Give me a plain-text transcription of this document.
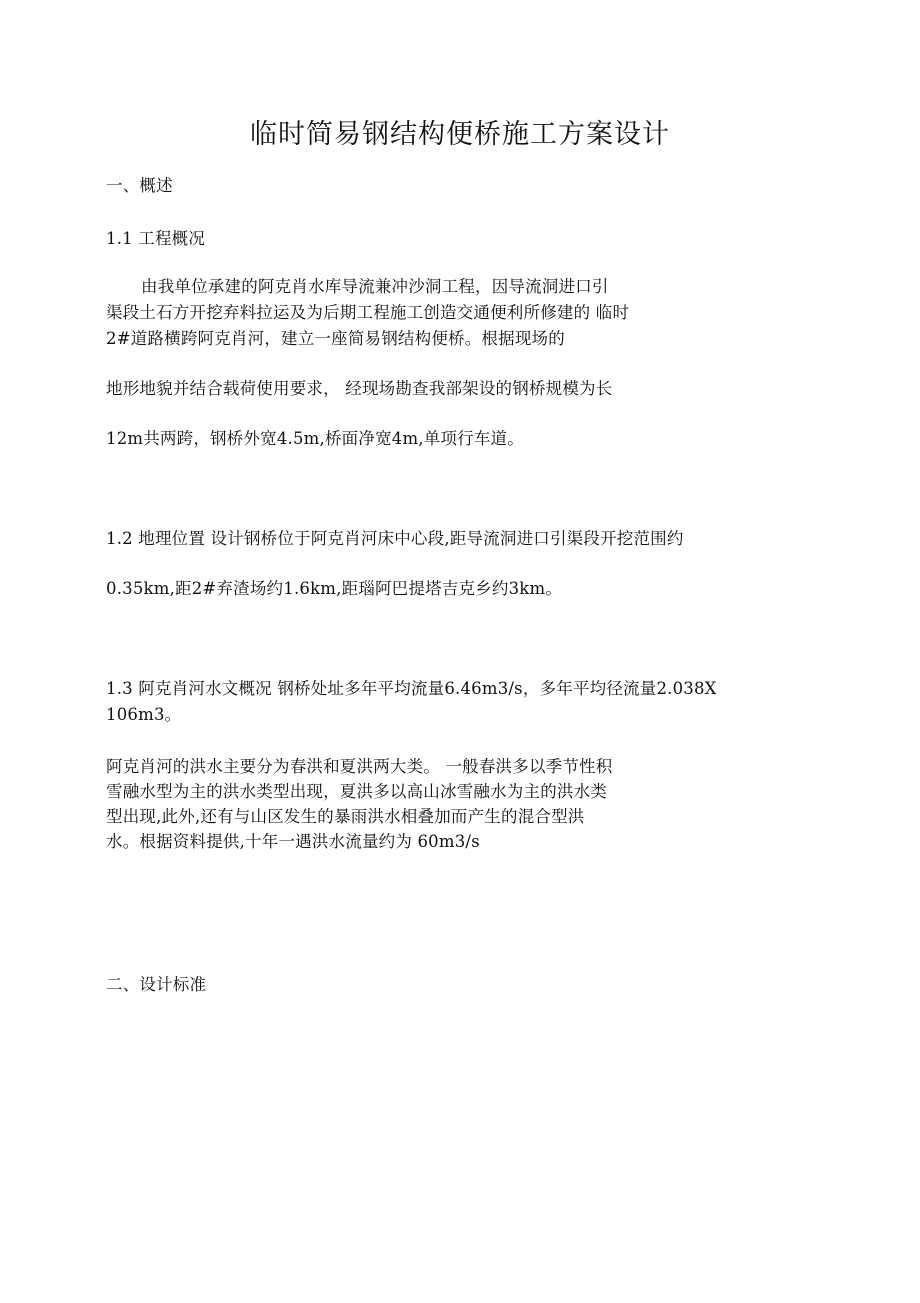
临时简易钢结构便桥施工方案设计
一、概述
1.1 工程概况
由我单位承建的阿克肖水库导流兼冲沙洞工程，因导流洞进口引
渠段土石方开挖弃料拉运及为后期工程施工创造交通便利所修建的 临时
2#道路横跨阿克肖河，建立一座简易钢结构便桥。根据现场的
地形地貌并结合载荷使用要求， 经现场勘查我部架设的钢桥规模为长
12m共两跨，钢桥外宽4.5m,桥面净宽4m,单项行车道。
1.2 地理位置 设计钢桥位于阿克肖河床中心段,距导流洞进口引渠段开挖范围约
0.35km,距2#弃渣场约1.6km,距瑙阿巴提塔吉克乡约3km。
1.3 阿克肖河水文概况 钢桥处址多年平均流量6.46m3/s，多年平均径流量2.038X
106m3。
阿克肖河的洪水主要分为春洪和夏洪两大类。 一般春洪多以季节性积
雪融水型为主的洪水类型出现，夏洪多以高山冰雪融水为主的洪水类
型出现,此外,还有与山区发生的暴雨洪水相叠加而产生的混合型洪
水。根据资料提供,十年一遇洪水流量约为 60m3/s
二、设计标准
